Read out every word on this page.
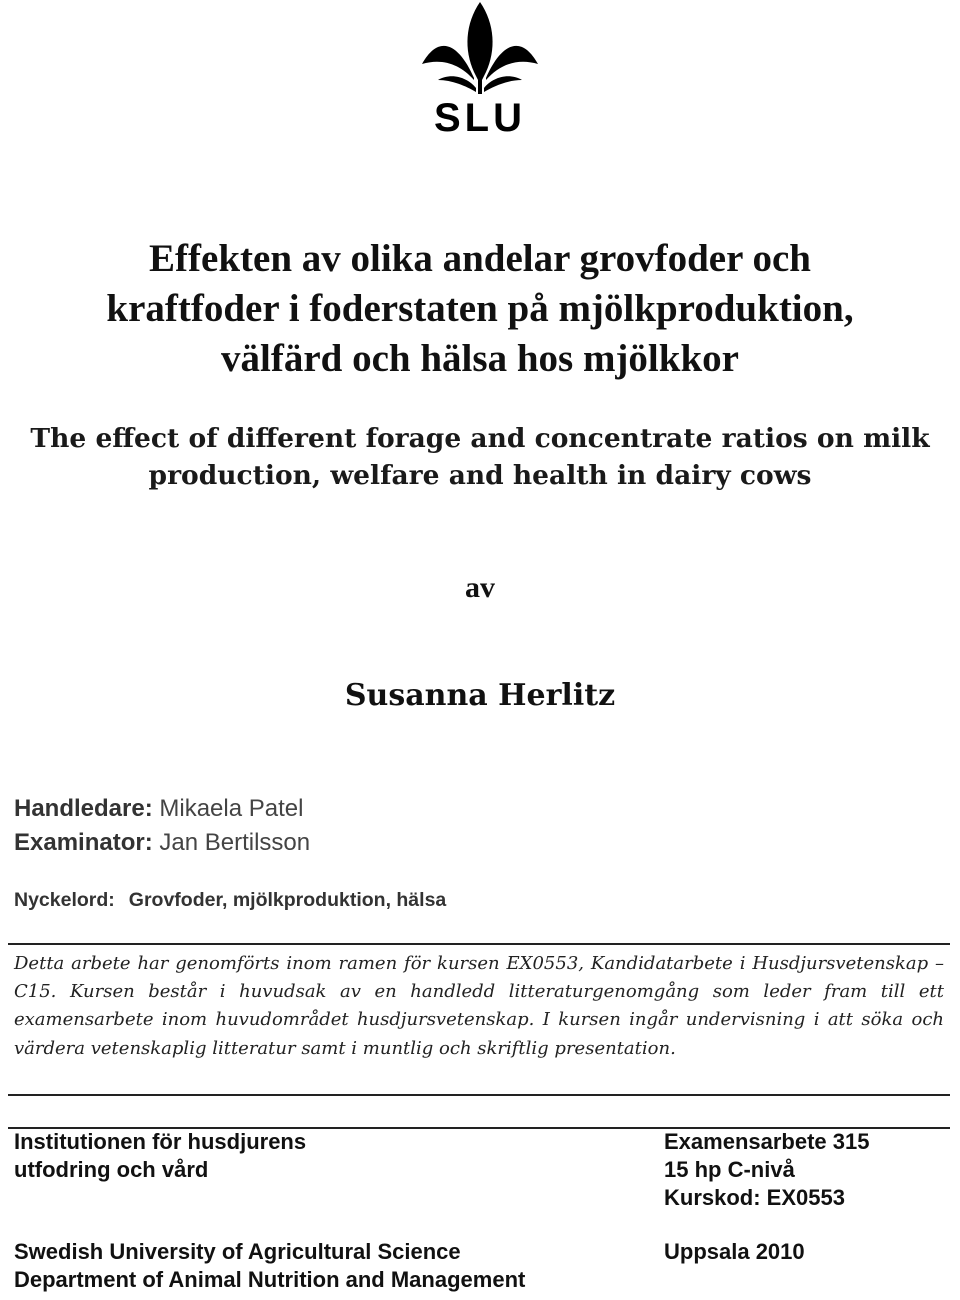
SLU
Effekten av olika andelar grovfoder och
kraftfoder i foderstaten på mjölkproduktion,
välfärd och hälsa hos mjölkkor
The effect of different forage and concentrate ratios on milk
production, welfare and health in dairy cows
av
Susanna Herlitz
Handledare: Mikaela Patel
Examinator: Jan Bertilsson
Nyckelord: Grovfoder, mjölkproduktion, hälsa

Detta arbete har genomförts inom ramen för kursen EX0553, Kandidatarbete i Husdjursvetenskap – C15. Kursen består i huvudsak av en handledd litteraturgenomgång som leder fram till ett examensarbete inom huvudområdet husdjursvetenskap. I kursen ingår undervisning i att söka och värdera vetenskaplig litteratur samt i muntlig och skriftlig presentation.

Institutionen för husdjurens
utfodring och vård
Examensarbete 315
15 hp C-nivå
Kurskod: EX0553
Swedish University of Agricultural Science
Department of Animal Nutrition and Management
Uppsala 2010
